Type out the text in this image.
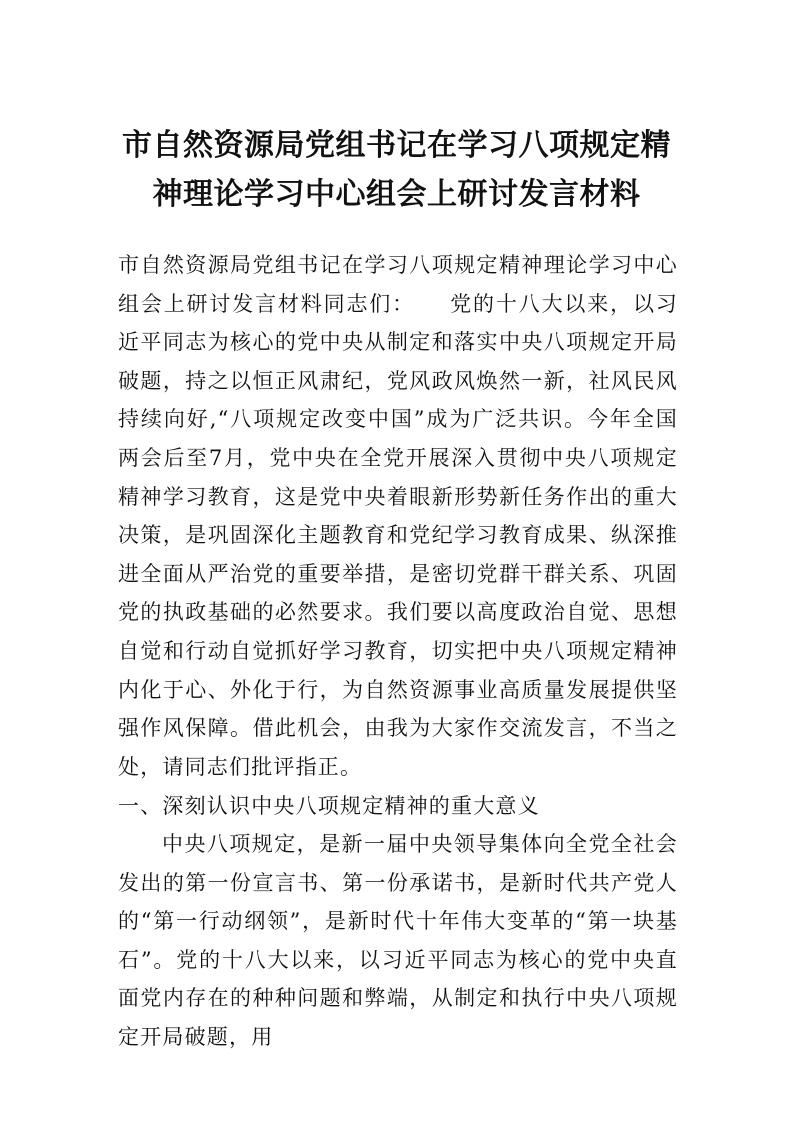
市自然资源局党组书记在学习八项规定精
神理论学习中心组会上研讨发言材料

市自然资源局党组书记在学习八项规定精神理论学习中心组会上研讨发言材料同志们：　　党的十八大以来，以习近平同志为核心的党中央从制定和落实中央八项规定开局破题，持之以恒正风肃纪，党风政风焕然一新，社风民风持续向好,“八项规定改变中国”成为广泛共识。今年全国两会后至7月，党中央在全党开展深入贯彻中央八项规定精神学习教育，这是党中央着眼新形势新任务作出的重大决策，是巩固深化主题教育和党纪学习教育成果、纵深推进全面从严治党的重要举措，是密切党群干群关系、巩固党的执政基础的必然要求。我们要以高度政治自觉、思想自觉和行动自觉抓好学习教育，切实把中央八项规定精神内化于心、外化于行，为自然资源事业高质量发展提供坚强作风保障。借此机会，由我为大家作交流发言，不当之处，请同志们批评指正。

一、深刻认识中央八项规定精神的重大意义

中央八项规定，是新一届中央领导集体向全党全社会发出的第一份宣言书、第一份承诺书，是新时代共产党人的“第一行动纲领”，是新时代十年伟大变革的“第一块基石”。党的十八大以来，以习近平同志为核心的党中央直面党内存在的种种问题和弊端，从制定和执行中央八项规定开局破题，用
